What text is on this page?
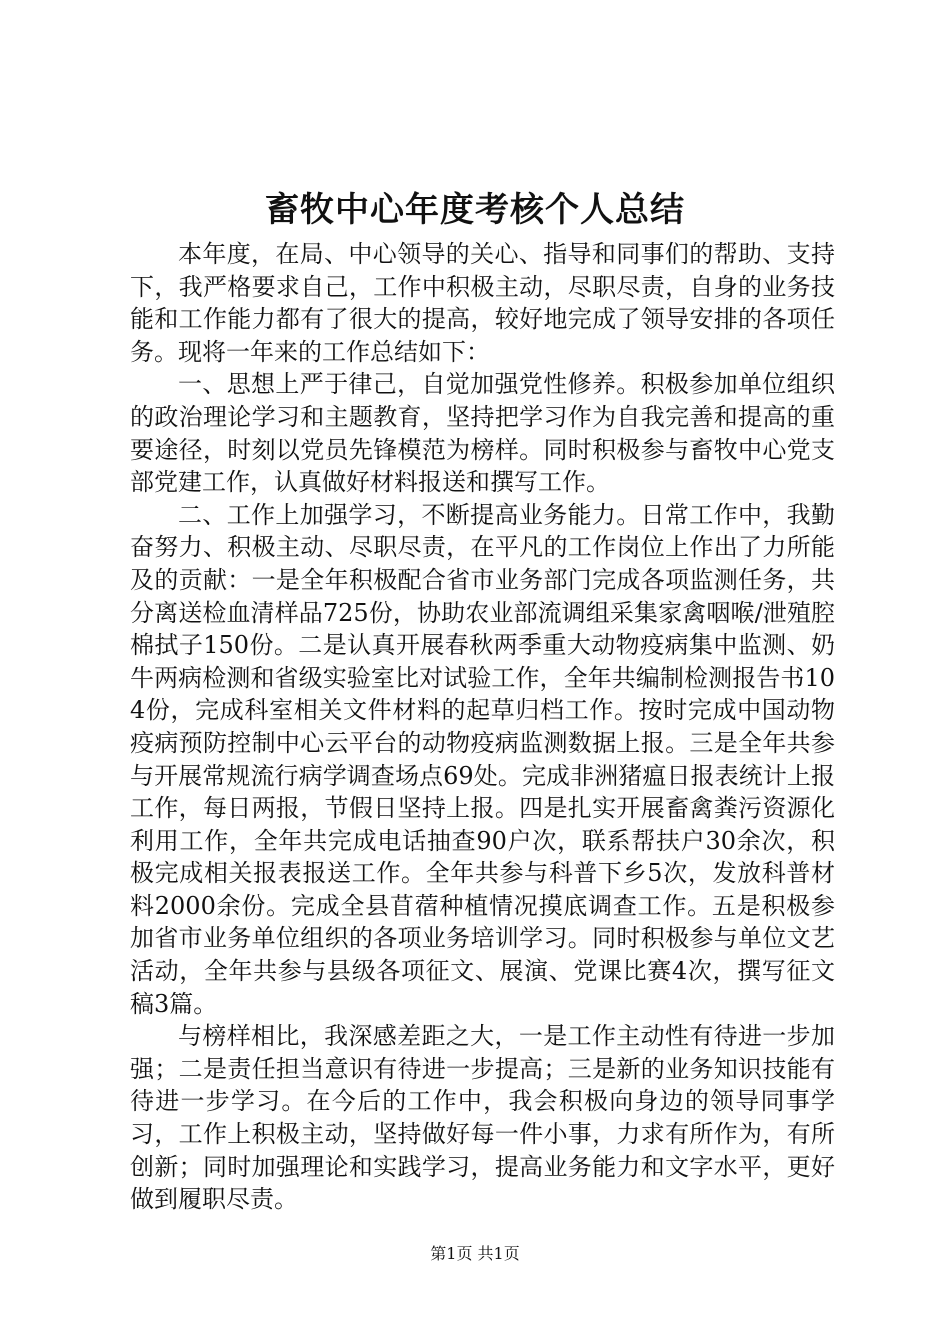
畜牧中心年度考核个人总结

本年度，在局、中心领导的关心、指导和同事们的帮助、支持下，我严格要求自己，工作中积极主动，尽职尽责，自身的业务技能和工作能力都有了很大的提高，较好地完成了领导安排的各项任务。现将一年来的工作总结如下：

一、思想上严于律己，自觉加强党性修养。积极参加单位组织的政治理论学习和主题教育，坚持把学习作为自我完善和提高的重要途径，时刻以党员先锋模范为榜样。同时积极参与畜牧中心党支部党建工作，认真做好材料报送和撰写工作。

二、工作上加强学习，不断提高业务能力。日常工作中，我勤奋努力、积极主动、尽职尽责，在平凡的工作岗位上作出了力所能及的贡献：一是全年积极配合省市业务部门完成各项监测任务，共分离送检血清样品725份，协助农业部流调组采集家禽咽喉/泄殖腔棉拭子150份。二是认真开展春秋两季重大动物疫病集中监测、奶牛两病检测和省级实验室比对试验工作，全年共编制检测报告书104份，完成科室相关文件材料的起草归档工作。按时完成中国动物疫病预防控制中心云平台的动物疫病监测数据上报。三是全年共参与开展常规流行病学调查场点69处。完成非洲猪瘟日报表统计上报工作，每日两报，节假日坚持上报。四是扎实开展畜禽粪污资源化利用工作，全年共完成电话抽查90户次，联系帮扶户30余次，积极完成相关报表报送工作。全年共参与科普下乡5次，发放科普材料2000余份。完成全县苜蓿种植情况摸底调查工作。五是积极参加省市业务单位组织的各项业务培训学习。同时积极参与单位文艺活动，全年共参与县级各项征文、展演、党课比赛4次，撰写征文稿3篇。

与榜样相比，我深感差距之大，一是工作主动性有待进一步加强；二是责任担当意识有待进一步提高；三是新的业务知识技能有待进一步学习。在今后的工作中，我会积极向身边的领导同事学习，工作上积极主动，坚持做好每一件小事，力求有所作为，有所创新；同时加强理论和实践学习，提高业务能力和文字水平，更好做到履职尽责。

第1页 共1页
